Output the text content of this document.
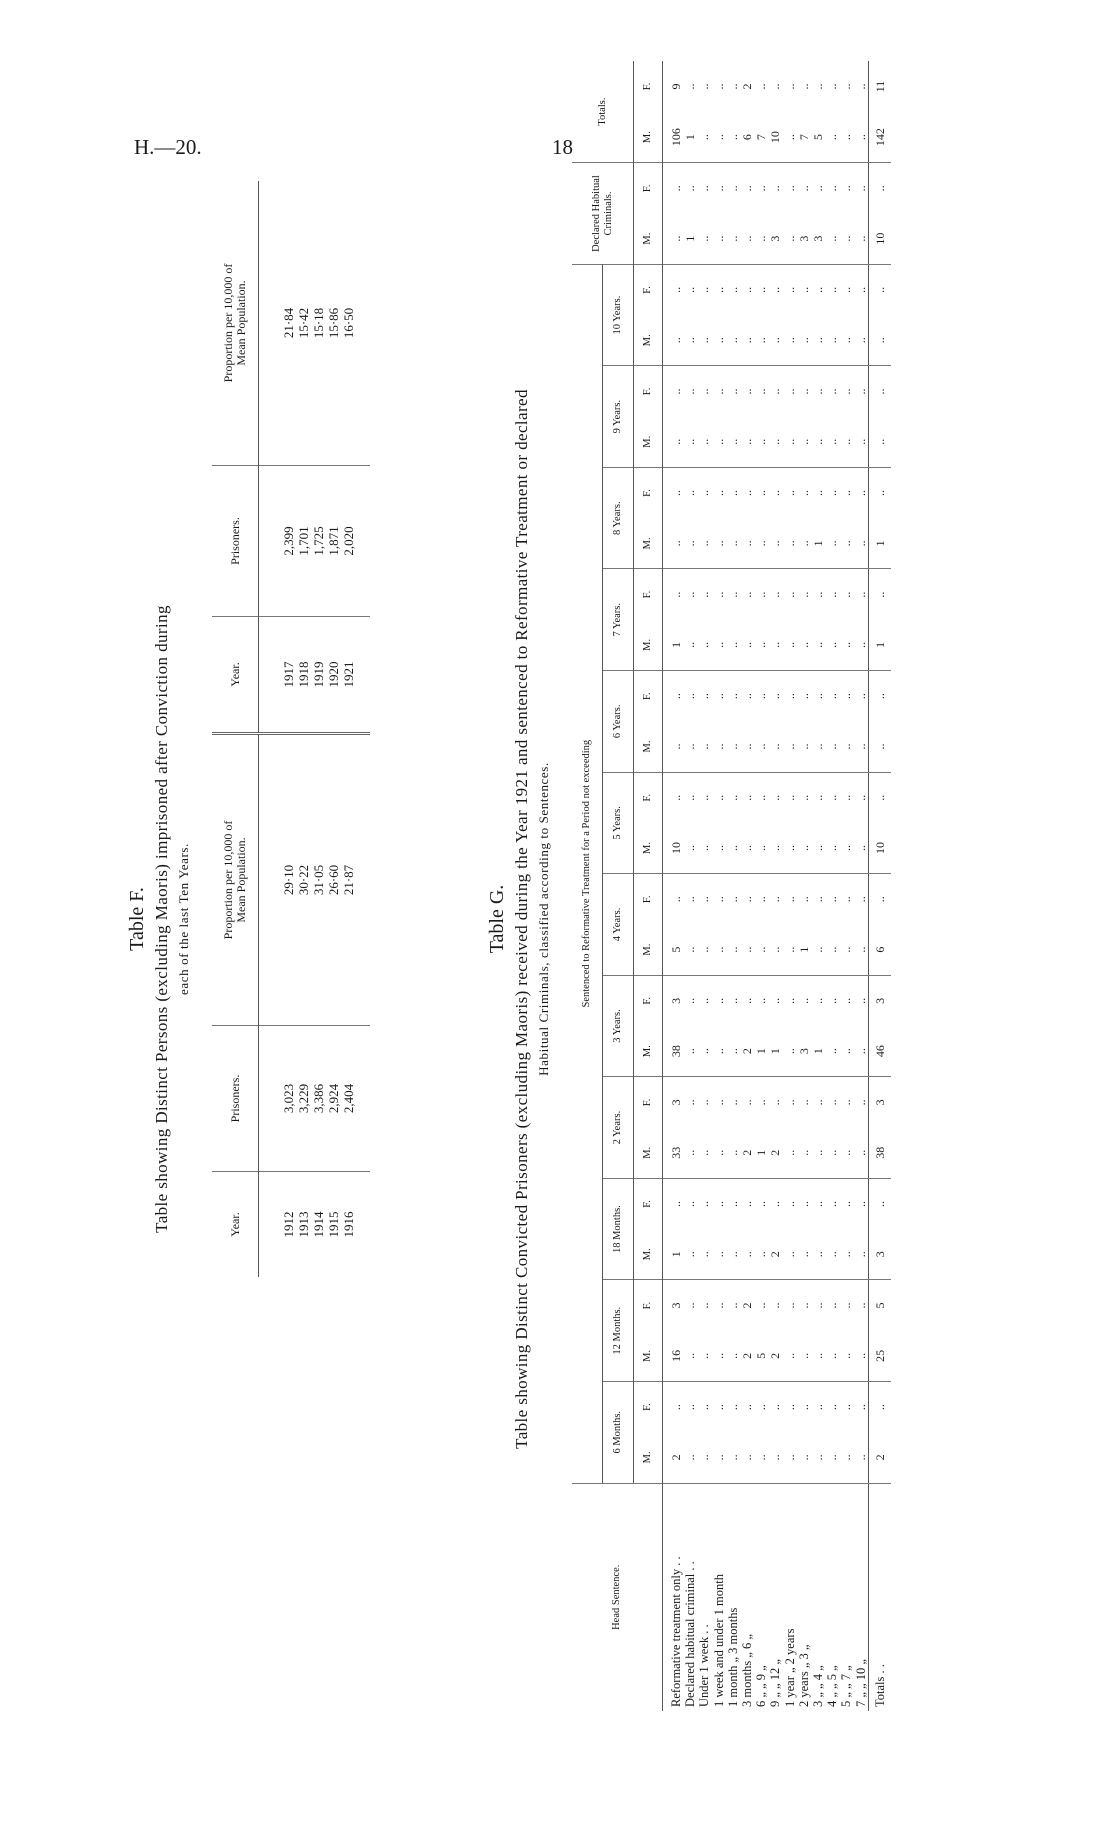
H.—20.	18
Table F. Table showing Distinct Persons (excluding Maoris) imprisoned after Conviction during each of the last Ten Years.
Year.	Prisoners.	Proportion per 10,000 of Mean Population.	Year.	Prisoners.	Proportion per 10,000 of Mean Population.

1912	3,023	29·10	1917	2,399	21·84
1913	3,229	30·22	1918	1,701	15·42
1914	3,386	31·05	1919	1,725	15·18
1915	2,924	26·60	1920	1,871	15·86
1916	2,404	21·87	1921	2,020	16·50
Table G. Table showing Distinct Convicted Prisoners (excluding Maoris) received during the Year 1921 and sentenced to Reformative Treatment or declared Habitual Criminals, classified according to Sentences.
Head Sentence.	Sentenced to Reformative Treatment for a Period not exceeding																								Declared Habitual Criminals.		Totals.	
	6 Months.		12 Months.		18 Months.		2 Years.		3 Years.		4 Years.		5 Years.		6 Years.		7 Years.		8 Years.		9 Years.		10 Years.					
	M.	F.	M.	F.	M.	F.	M.	F.	M.	F.	M.	F.	M.	F.	M.	F.	M.	F.	M.	F.	M.	F.	M.	F.	M.	F.	M.	F.

Reformative treatment only . .	2	..	16	3	1	..	33	3	38	3	5	..	10	..	..	..	1	..	..	..	..	..	..	..	..	..	106	9
Declared habitual criminal . .	..	..	..	..	..	..	..	..	..	..	..	..	..	..	..	..	..	..	..	..	..	..	..	..	1	..	1	..
Under 1 week . .	..	..	..	..	..	..	..	..	..	..	..	..	..	..	..	..	..	..	..	..	..	..	..	..	..	..	..	..
1 week and under 1 month	..	..	..	..	..	..	..	..	..	..	..	..	..	..	..	..	..	..	..	..	..	..	..	..	..	..	..	..
1 month „ 3 months	..	..	..	..	..	..	..	..	..	..	..	..	..	..	..	..	..	..	..	..	..	..	..	..	..	..	..	..
3 months „ 6 „	..	..	2	2	..	..	2	..	2	..	..	..	..	..	..	..	..	..	..	..	..	..	..	..	..	..	6	2
6 „ „ 9 „	..	..	5	..	..	..	1	..	1	..	..	..	..	..	..	..	..	..	..	..	..	..	..	..	..	..	7	..
9 „ „ 12 „	..	..	2	..	2	..	2	..	1	..	..	..	..	..	..	..	..	..	..	..	..	..	..	..	3	..	10	..
1 year „ 2 years	..	..	..	..	..	..	..	..	..	..	..	..	..	..	..	..	..	..	..	..	..	..	..	..	..	..	..	..
2 years „ 3 „	..	..	..	..	..	..	..	..	3	..	1	..	..	..	..	..	..	..	..	..	..	..	..	..	3	..	7	..
3 „ „ 4 „	..	..	..	..	..	..	..	..	1	..	..	..	..	..	..	..	..	..	1	..	..	..	..	..	3	..	5	..
4 „ „ 5 „	..	..	..	..	..	..	..	..	..	..	..	..	..	..	..	..	..	..	..	..	..	..	..	..	..	..	..	..
5 „ „ 7 „	..	..	..	..	..	..	..	..	..	..	..	..	..	..	..	..	..	..	..	..	..	..	..	..	..	..	..	..
7 „ „ 10 „	..	..	..	..	..	..	..	..	..	..	..	..	..	..	..	..	..	..	..	..	..	..	..	..	..	..	..	..
Totals . .	2	..	25	5	3	..	38	3	46	3	6	..	10	..	..	..	1	..	1	..	..	..	..	..	10	..	142	11
